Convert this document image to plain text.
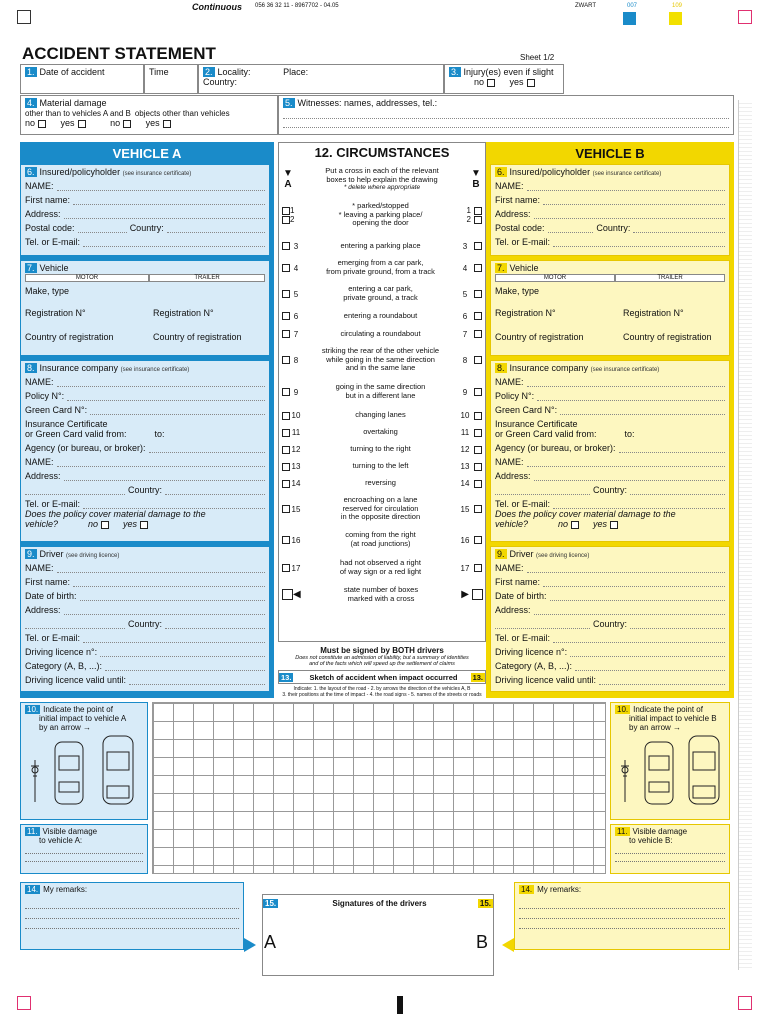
Continuous 056 36 32 11 - 8967702 - 04.05	ZWART	007	109
ACCIDENT STATEMENT	Sheet 1/2
1. Date of accident	Time	2. Locality:	Place:
Country:
3. Injury(es) even if slight
no	yes
4. Material damage
other than to vehicles A and B objects other than vehicles
no	yes	no	yes
5. Witnesses: names, addresses, tel.:
VEHICLE A
6. Insured/policyholder (see insurance certificate)
NAME:
First name:
Address:
Postal code:	Country:
Tel. or E-mail:
7. Vehicle
MOTOR	TRAILER
Make, type
Registration N°	Registration N°
Country of registration	Country of registration
8. Insurance company (see insurance certificate)
NAME:
Policy N°:
Green Card N°:
Insurance Certificate
or Green Card valid from:	to:
Agency (or bureau, or broker):
NAME:
Address:
Country:
Tel. or E-mail:
Does the policy cover material damage to the
vehicle?	no	yes
9. Driver (see driving licence)
NAME:
First name:
Date of birth:
Address:
Country:
Tel. or E-mail:
Driving licence n°:
Category (A, B, ...):
Driving licence valid until:
VEHICLE B
6. Insured/policyholder (see insurance certificate)
NAME:
First name:
Address:
Postal code:	Country:
Tel. or E-mail:
7. Vehicle
MOTOR	TRAILER
Make, type
Registration N°	Registration N°
Country of registration	Country of registration
8. Insurance company (see insurance certificate)
NAME:
Policy N°:
Green Card N°:
Insurance Certificate
or Green Card valid from:	to:
Agency (or bureau, or broker):
NAME:
Address:
Country:
Tel. or E-mail:
Does the policy cover material damage to the
vehicle?	no	yes
9. Driver (see driving licence)
NAME:
First name:
Date of birth:
Address:
Country:
Tel. or E-mail:
Driving licence n°:
Category (A, B, ...):
Driving licence valid until:
12. CIRCUMSTANCES
▼
A
Put a cross in each of the relevant
boxes to help explain the drawing
* delete where appropriate
▼
B
1
2
* parked/stopped
* leaving a parking place/
opening the door
1
2
3	entering a parking place	3
4
emerging from a car park,
from private ground, from a track	4
5
entering a car park,
private ground, a track	5
6	entering a roundabout	6
7	circulating a roundabout	7
8
striking the rear of the other vehicle
while going in the same direction
and in the same lane
8
9
going in the same direction
but in a different lane	9
10	changing lanes	10
11	overtaking	11
12	turning to the right	12
13	turning to the left	13
14	reversing	14
15
encroaching on a lane
reserved for circulation
in the opposite direction
15
16
coming from the right
(at road junctions)	16
17
had not observed a right
of way sign or a red light	17
◀	state number of boxes
marked with a cross	▶
Must be signed by BOTH drivers
Does not constitute an admission of liability, but a summary of identities
and of the facts which will speed up the settlement of claims
13.	Sketch of accident when impact occurred	13.
Indicate: 1. the layout of the road - 2. by arrows the direction of the vehicles A, B
3. their positions at the time of impact - 4. the road signs - 5. names of the streets or roads
10. Indicate the point of
initial impact to vehicle A
by an arrow →
10. Indicate the point of
initial impact to vehicle B
by an arrow →
11. Visible damage
to vehicle A:
11. Visible damage
to vehicle B:
14. My remarks:	14. My remarks:
15.	Signatures of the drivers	15.
A	B
